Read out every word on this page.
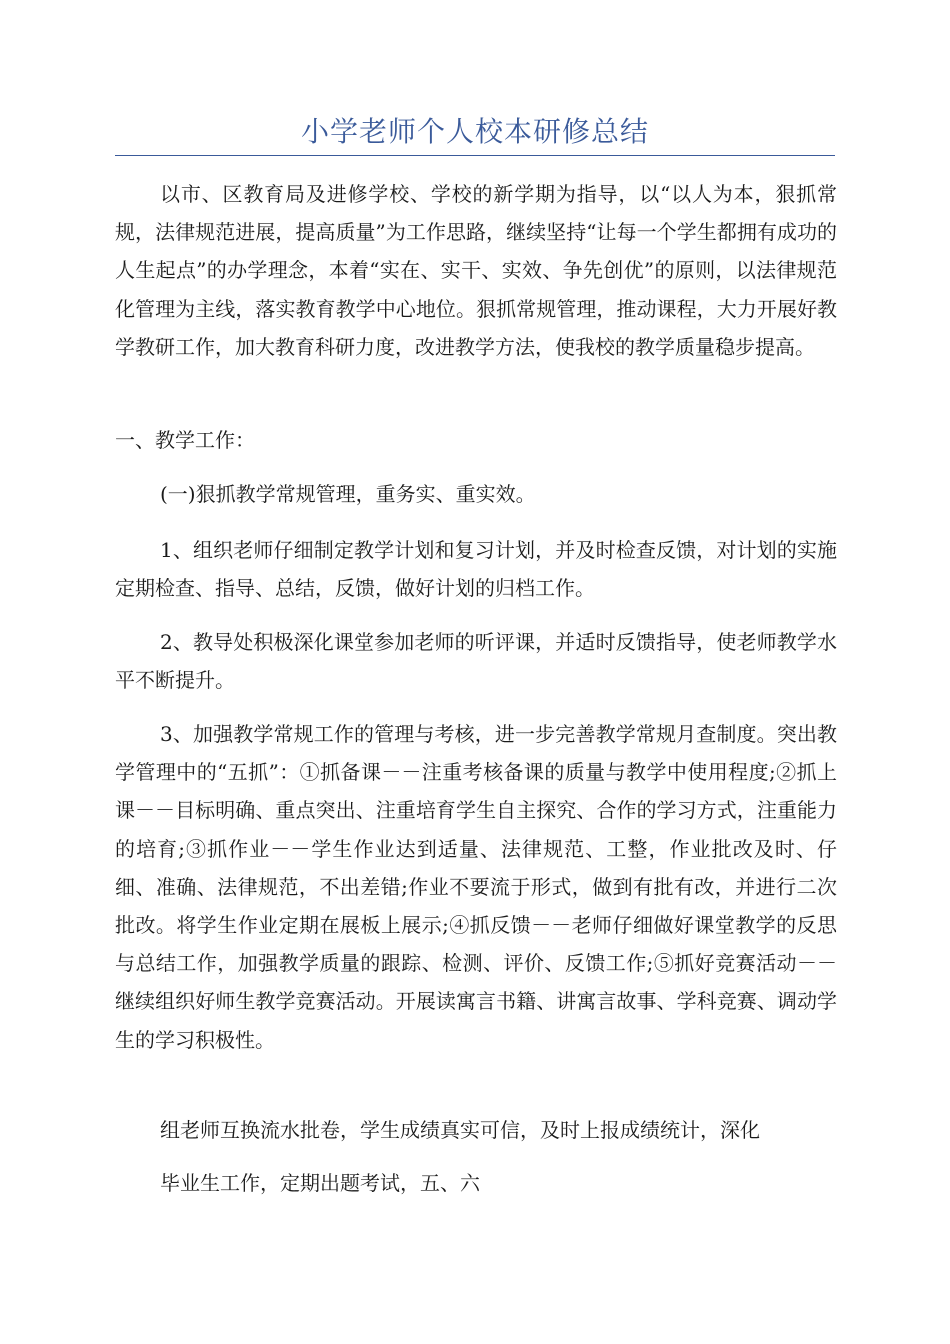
小学老师个人校本研修总结

以市、区教育局及进修学校、学校的新学期为指导，以“以人为本，狠抓常规，法律规范进展，提高质量”为工作思路，继续坚持“让每一个学生都拥有成功的人生起点”的办学理念，本着“实在、实干、实效、争先创优”的原则，以法律规范化管理为主线，落实教育教学中心地位。狠抓常规管理，推动课程，大力开展好教学教研工作，加大教育科研力度，改进教学方法，使我校的教学质量稳步提高。

一、教学工作：

(一)狠抓教学常规管理，重务实、重实效。

1、组织老师仔细制定教学计划和复习计划，并及时检查反馈，对计划的实施定期检查、指导、总结，反馈，做好计划的归档工作。

2、教导处积极深化课堂参加老师的听评课，并适时反馈指导，使老师教学水平不断提升。

3、加强教学常规工作的管理与考核，进一步完善教学常规月查制度。突出教学管理中的“五抓”：①抓备课－－注重考核备课的质量与教学中使用程度;②抓上课－－目标明确、重点突出、注重培育学生自主探究、合作的学习方式，注重能力的培育;③抓作业－－学生作业达到适量、法律规范、工整，作业批改及时、仔细、准确、法律规范，不出差错;作业不要流于形式，做到有批有改，并进行二次批改。将学生作业定期在展板上展示;④抓反馈－－老师仔细做好课堂教学的反思与总结工作，加强教学质量的跟踪、检测、评价、反馈工作;⑤抓好竞赛活动－－继续组织好师生教学竞赛活动。开展读寓言书籍、讲寓言故事、学科竞赛、调动学生的学习积极性。

组老师互换流水批卷，学生成绩真实可信，及时上报成绩统计，深化

毕业生工作，定期出题考试，五、六
